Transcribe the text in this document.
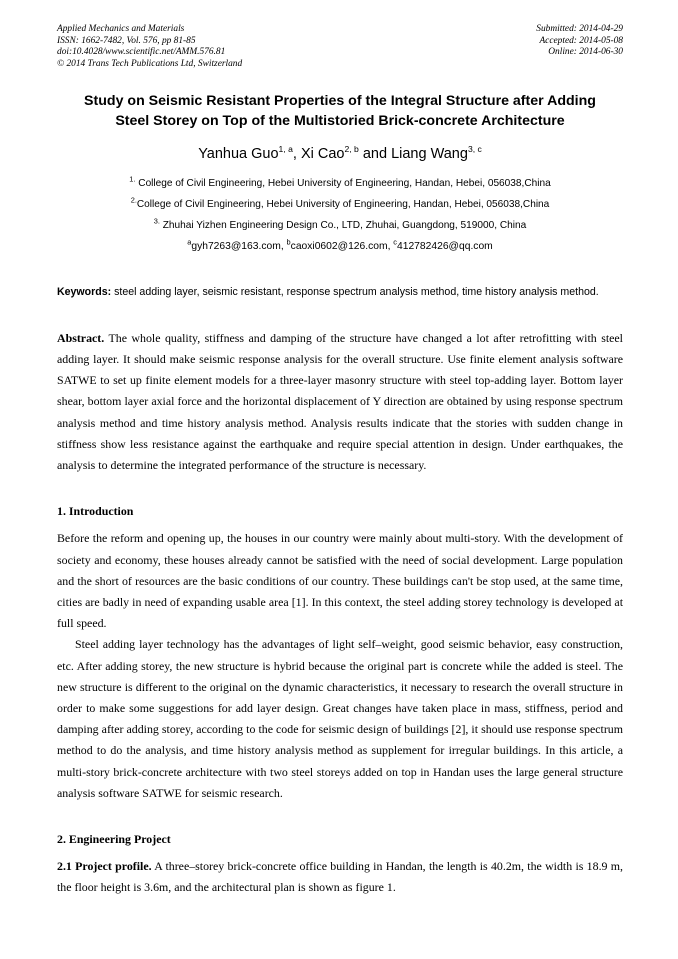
Applied Mechanics and Materials
ISSN: 1662-7482, Vol. 576, pp 81-85
doi:10.4028/www.scientific.net/AMM.576.81
© 2014 Trans Tech Publications Ltd, Switzerland
Submitted: 2014-04-29
Accepted: 2014-05-08
Online: 2014-06-30
Study on Seismic Resistant Properties of the Integral Structure after Adding Steel Storey on Top of the Multistoried Brick-concrete Architecture
Yanhua Guo$^{1, a}$, Xi Cao$^{2, b}$ and Liang Wang$^{3, c}$
$^{1.}$ College of Civil Engineering, Hebei University of Engineering, Handan, Hebei, 056038,China
$^{2.}$College of Civil Engineering, Hebei University of Engineering, Handan, Hebei, 056038,China
$^{3.}$ Zhuhai Yizhen Engineering Design Co., LTD, Zhuhai, Guangdong, 519000, China
$^a$gyh7263@163.com, $^b$caoxi0602@126.com, $^c$412782426@qq.com
Keywords: steel adding layer, seismic resistant, response spectrum analysis method, time history analysis method.
Abstract. The whole quality, stiffness and damping of the structure have changed a lot after retrofitting with steel adding layer. It should make seismic response analysis for the overall structure. Use finite element analysis software SATWE to set up finite element models for a three-layer masonry structure with steel top-adding layer. Bottom layer shear, bottom layer axial force and the horizontal displacement of Y direction are obtained by using response spectrum analysis method and time history analysis method. Analysis results indicate that the stories with sudden change in stiffness show less resistance against the earthquake and require special attention in design. Under earthquakes, the analysis to determine the integrated performance of the structure is necessary.
1. Introduction

Before the reform and opening up, the houses in our country were mainly about multi-story. With the development of society and economy, these houses already cannot be satisfied with the need of social development. Large population and the short of resources are the basic conditions of our country. These buildings can't be stop used, at the same time, cities are badly in need of expanding usable area [1]. In this context, the steel adding storey technology is developed at full speed.

Steel adding layer technology has the advantages of light self–weight, good seismic behavior, easy construction, etc. After adding storey, the new structure is hybrid because the original part is concrete while the added is steel. The new structure is different to the original on the dynamic characteristics, it necessary to research the overall structure in order to make some suggestions for add layer design. Great changes have taken place in mass, stiffness, period and damping after adding storey, according to the code for seismic design of buildings [2], it should use response spectrum method to do the analysis, and time history analysis method as supplement for irregular buildings. In this article, a multi-story brick-concrete architecture with two steel storeys added on top in Handan uses the large general structure analysis software SATWE for seismic research.

2. Engineering Project

2.1 Project profile. A three–storey brick-concrete office building in Handan, the length is 40.2m, the width is 18.9 m, the floor height is 3.6m, and the architectural plan is shown as figure 1.
